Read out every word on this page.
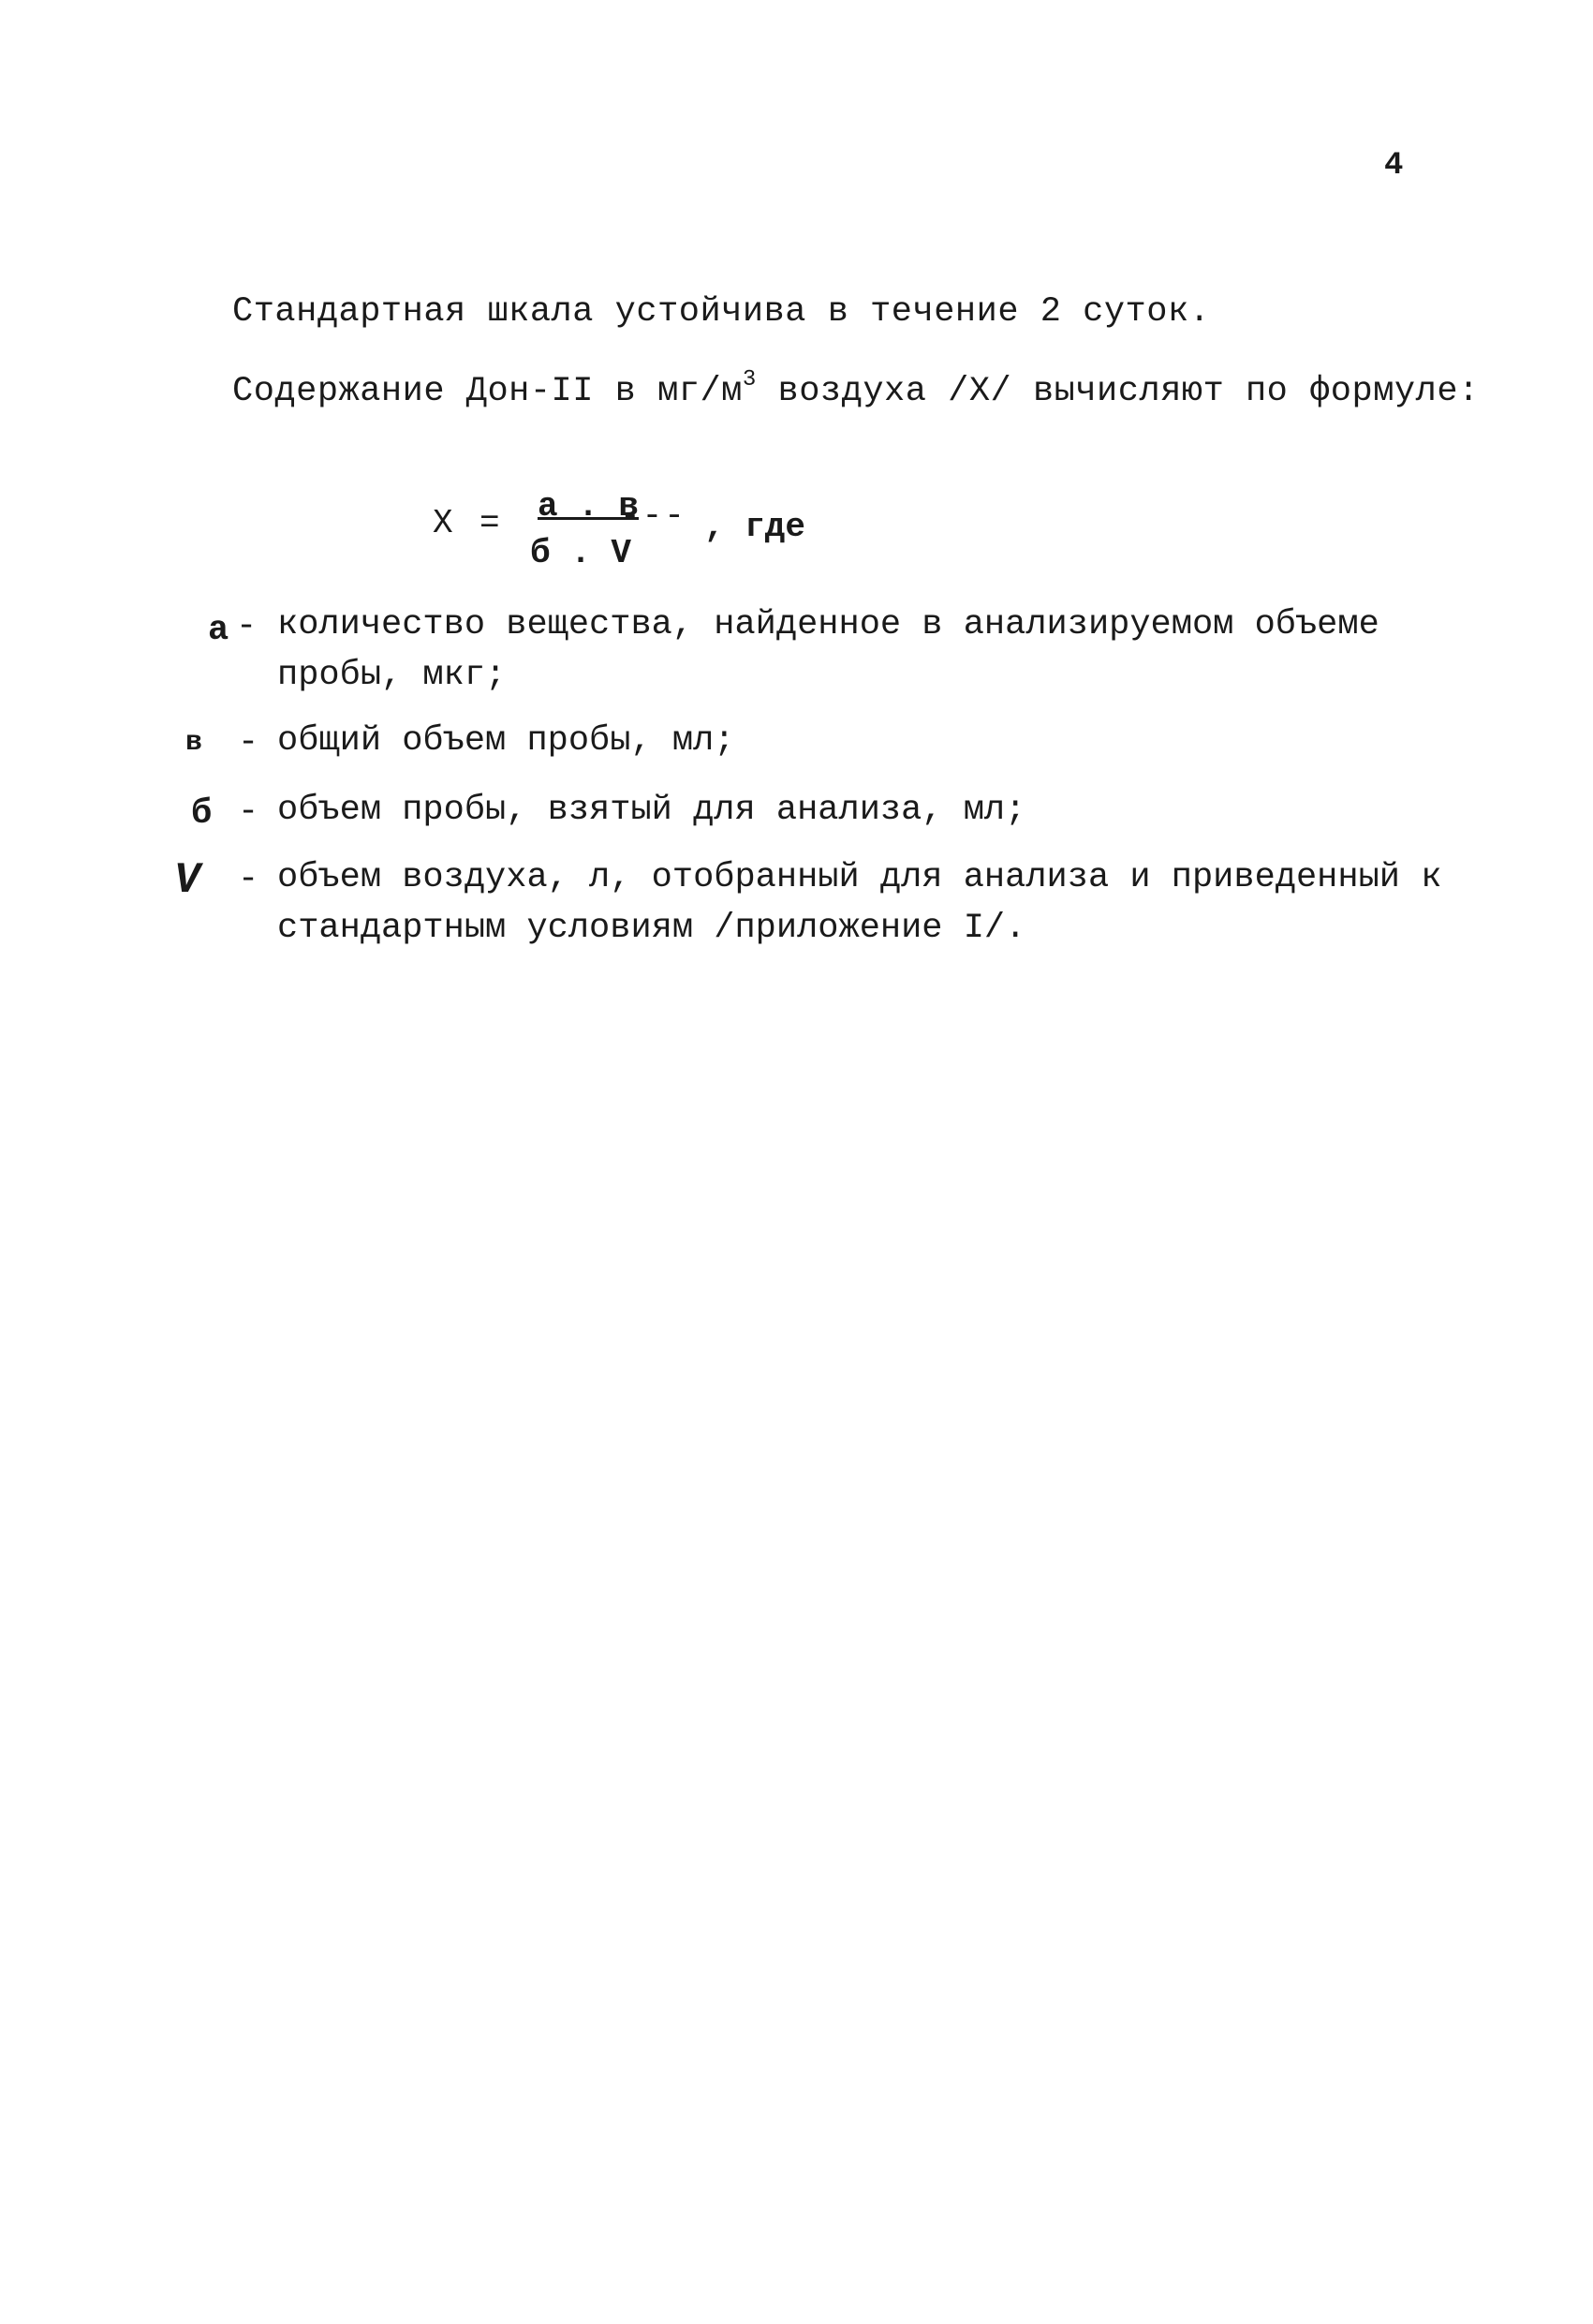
4
Стандартная шкала устойчива в течение 2 суток.
Содержание Дон-II в $мг/м^3$ воздуха /X/ вычисляют по формуле:
X = а . в
б . V
--- , где
а - количество вещества, найденное в анализируемом объеме
пробы, мкг;
в - общий объем пробы, мл;
б - объем пробы, взятый для анализа, мл;
V - объем воздуха, л, отобранный для анализа и приведенный к
стандартным условиям /приложение I/.
